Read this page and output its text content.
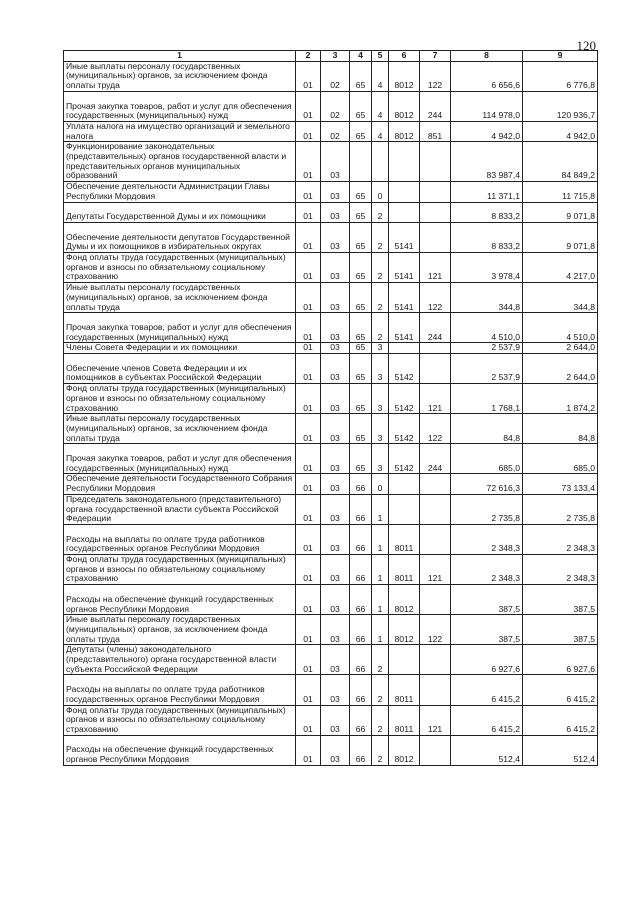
120
1	2	3	4	5	6	7	8	9
Иные выплаты персоналу государственных (муниципальных) органов, за исключением фонда оплаты труда	01	02	65	4	8012	122	6 656,6	6 776,8
Прочая закупка товаров, работ и услуг для обеспечения государственных (муниципальных) нужд	01	02	65	4	8012	244	114 978,0	120 936,7
Уплата налога на имущество организаций и земельного налога	01	02	65	4	8012	851	4 942,0	4 942,0
Функционирование законодательных (представительных) органов государственной власти и представительных органов муниципальных образований	01	03					83 987,4	84 849,2
Обеспечение деятельности Администрации Главы Республики Мордовия	01	03	65	0			11 371,1	11 715,8
Депутаты Государственной Думы и их помощники	01	03	65	2			8 833,2	9 071,8
Обеспечение деятельности депутатов Государственной Думы и их помощников в избирательных округах	01	03	65	2	5141		8 833,2	9 071,8
Фонд оплаты труда государственных (муниципальных) органов и взносы по обязательному социальному страхованию	01	03	65	2	5141	121	3 978,4	4 217,0
Иные выплаты персоналу государственных (муниципальных) органов, за исключением фонда оплаты труда	01	03	65	2	5141	122	344,8	344,8
Прочая закупка товаров, работ и услуг для обеспечения государственных (муниципальных) нужд	01	03	65	2	5141	244	4 510,0	4 510,0
Члены Совета Федерации и их помощники	01	03	65	3			2 537,9	2 644,0
Обеспечение членов Совета Федерации и их помощников в субъектах Российской Федерации	01	03	65	3	5142		2 537,9	2 644,0
Фонд оплаты труда государственных (муниципальных) органов и взносы по обязательному социальному страхованию	01	03	65	3	5142	121	1 768,1	1 874,2
Иные выплаты персоналу государственных (муниципальных) органов, за исключением фонда оплаты труда	01	03	65	3	5142	122	84,8	84,8
Прочая закупка товаров, работ и услуг для обеспечения государственных (муниципальных) нужд	01	03	65	3	5142	244	685,0	685,0
Обеспечение деятельности Государственного Собрания Республики Мордовия	01	03	66	0			72 616,3	73 133,4
Председатель законодательного (представительного) органа государственной власти субъекта Российской Федерации	01	03	66	1			2 735,8	2 735,8
Расходы на выплаты по оплате труда работников государственных органов Республики Мордовия	01	03	66	1	8011		2 348,3	2 348,3
Фонд оплаты труда государственных (муниципальных) органов и взносы по обязательному социальному страхованию	01	03	66	1	8011	121	2 348,3	2 348,3
Расходы на обеспечение функций государственных органов Республики Мордовия	01	03	66	1	8012		387,5	387,5
Иные выплаты персоналу государственных (муниципальных) органов, за исключением фонда оплаты труда	01	03	66	1	8012	122	387,5	387,5
Депутаты (члены) законодательного (представительного) органа государственной власти субъекта Российской Федерации	01	03	66	2			6 927,6	6 927,6
Расходы на выплаты по оплате труда работников государственных органов Республики Мордовия	01	03	66	2	8011		6 415,2	6 415,2
Фонд оплаты труда государственных (муниципальных) органов и взносы по обязательному социальному страхованию	01	03	66	2	8011	121	6 415,2	6 415,2
Расходы на обеспечение функций государственных органов Республики Мордовия	01	03	66	2	8012		512,4	512,4
